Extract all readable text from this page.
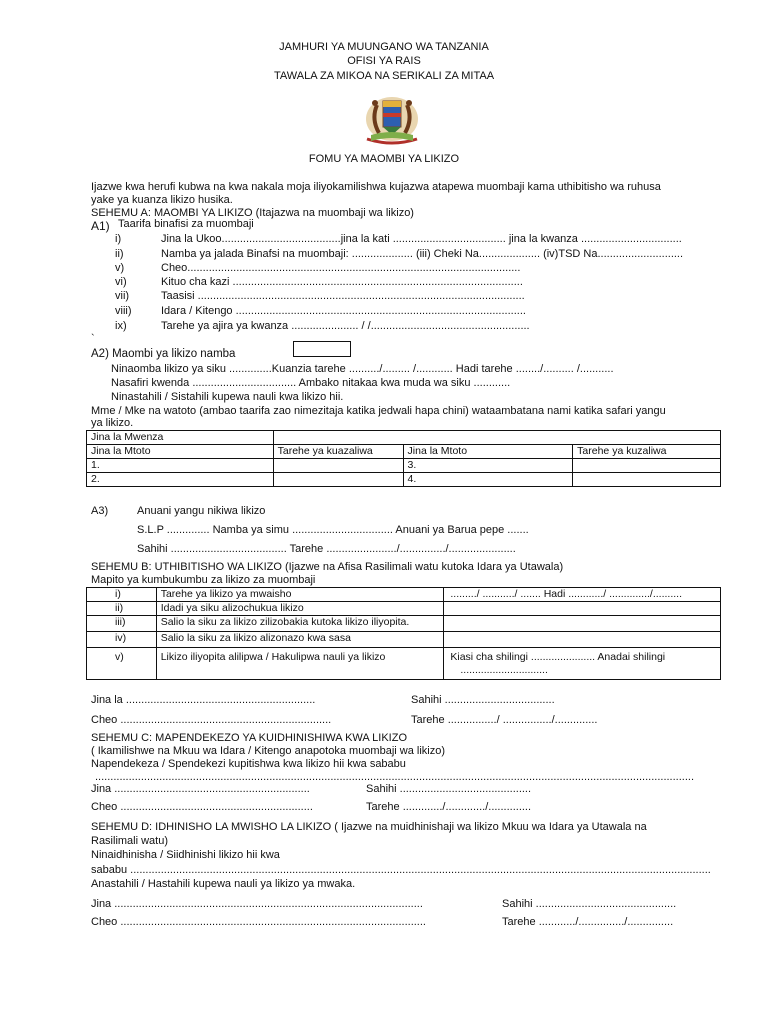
JAMHURI YA MUUNGANO WA TANZANIA
OFISI YA RAIS
TAWALA ZA MIKOA NA SERIKALI ZA MITAA
FOMU YA MAOMBI YA LIKIZO
Ijazwe kwa herufi kubwa na kwa nakala moja iliyokamilishwa kujazwa atapewa muombaji kama uthibitisho wa ruhusa
yake ya kuanza likizo husika.
SEHEMU A: MAOMBI YA LIKIZO (Itajazwa na muombaji wa likizo)
A1) Taarifa binafisi za muombaji
i)	Jina la Ukoo.......................................jina la kati ..................................... jina la kwanza .................................
ii)	Namba ya jalada Binafsi na muombaji: .................... (iii) Cheki Na.................... (iv)TSD Na............................
v)	Cheo.............................................................................................................
vi)	Kituo cha kazi ...............................................................................................
vii)	Taasisi ...........................................................................................................
viii)	Idara / Kitengo ...............................................................................................
ix)	Tarehe ya ajira ya kwanza ...................... / /....................................................
`
A2) Maombi ya likizo namba
Ninaomba likizo ya siku ..............Kuanzia tarehe ........../......... /............ Hadi tarehe ......../.......... /...........
Nasafiri kwenda .................................. Ambako nitakaa kwa muda wa siku ............
Ninastahili / Sistahili kupewa nauli kwa likizo hii.
Mme / Mke na watoto (ambao taarifa zao nimezitaja katika jedwali hapa chini) wataambatana nami katika safari yangu
ya likizo.
Jina la Mwenza			
Jina la Mtoto	Tarehe ya kuazaliwa	Jina la Mtoto	Tarehe ya kuzaliwa
1.		3.	
2.		4.	
A3)	Anuani yangu nikiwa likizo
S.L.P .............. Namba ya simu ................................. Anuani ya Barua pepe .......
Sahihi ...................................... Tarehe ......................./.............../......................
SEHEMU B: UTHIBITISHO WA LIKIZO (Ijazwe na Afisa Rasilimali watu kutoka Idara ya Utawala)
Mapito ya kumbukumbu za likizo za muombaji
i)	Tarehe ya likizo ya mwaisho	........./ .........../ ....... Hadi ............/ ............../..........
ii)	Idadi ya siku alizochukua likizo	
iii)	Salio la siku za likizo zilizobakia kutoka likizo iliyopita.	
iv)	Salio la siku za likizo alizonazo kwa sasa	
v)	Likizo iliyopita alilipwa / Hakulipwa nauli ya likizo	Kiasi cha shilingi ...................... Anadai shilingi
..............................
Jina la ..............................................................	Sahihi ....................................
Cheo .....................................................................	Tarehe ................/ ................/..............
SEHEMU C: MAPENDEKEZO YA KUIDHINISHIWA KWA LIKIZO
( Ikamilishwe na Mkuu wa Idara / Kitengo anapotoka muombaji wa likizo)
Napendekeza / Spendekezi kupitishwa kwa likizo hii kwa sababu
....................................................................................................................................................................................................
Jina ................................................................	Sahihi ...........................................
Cheo ...............................................................	Tarehe ............./............./..............
SEHEMU D: IDHINISHO LA MWISHO LA LIKIZO ( Ijazwe na muidhinishaji wa likizo Mkuu wa Idara ya Utawala na
Rasilimali watu)
Ninaidhinisha / Siidhinishi likizo hii kwa
sababu ..............................................................................................................................................................................................
Anastahili / Hastahili kupewa nauli ya likizo ya mwaka.
Jina .....................................................................................................	Sahihi ..............................................
Cheo ....................................................................................................	Tarehe ............/.............../...............
